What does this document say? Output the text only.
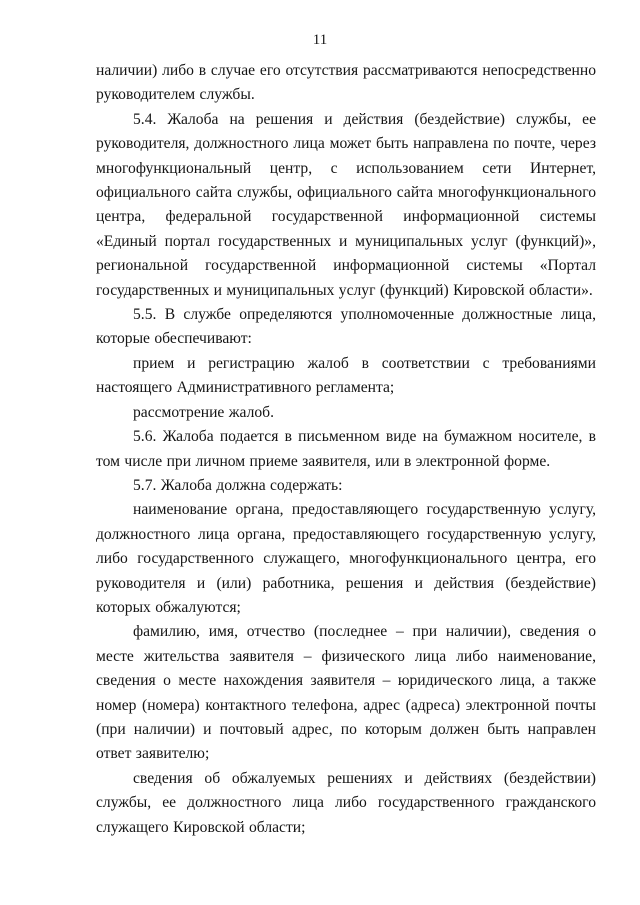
11

наличии) либо в случае его отсутствия рассматриваются непосредственно руководителем службы.

5.4. Жалоба на решения и действия (бездействие) службы, ее руководителя, должностного лица может быть направлена по почте, через многофункциональный центр, с использованием сети Интернет, официального сайта службы, официального сайта многофункционального центра, федеральной государственной информационной системы «Единый портал государственных и муниципальных услуг (функций)», региональной государственной информационной системы «Портал государственных и муниципальных услуг (функций) Кировской области».

5.5. В службе определяются уполномоченные должностные лица, которые обеспечивают:

прием и регистрацию жалоб в соответствии с требованиями настоящего Административного регламента;

рассмотрение жалоб.

5.6. Жалоба подается в письменном виде на бумажном носителе, в том числе при личном приеме заявителя, или в электронной форме.

5.7. Жалоба должна содержать:

наименование органа, предоставляющего государственную услугу, должностного лица органа, предоставляющего государственную услугу, либо государственного служащего, многофункционального центра, его руководителя и (или) работника, решения и действия (бездействие) которых обжалуются;

фамилию, имя, отчество (последнее – при наличии), сведения о месте жительства заявителя – физического лица либо наименование, сведения о месте нахождения заявителя – юридического лица, а также номер (номера) контактного телефона, адрес (адреса) электронной почты (при наличии) и почтовый адрес, по которым должен быть направлен ответ заявителю;

сведения об обжалуемых решениях и действиях (бездействии) службы, ее должностного лица либо государственного гражданского служащего Кировской области;
